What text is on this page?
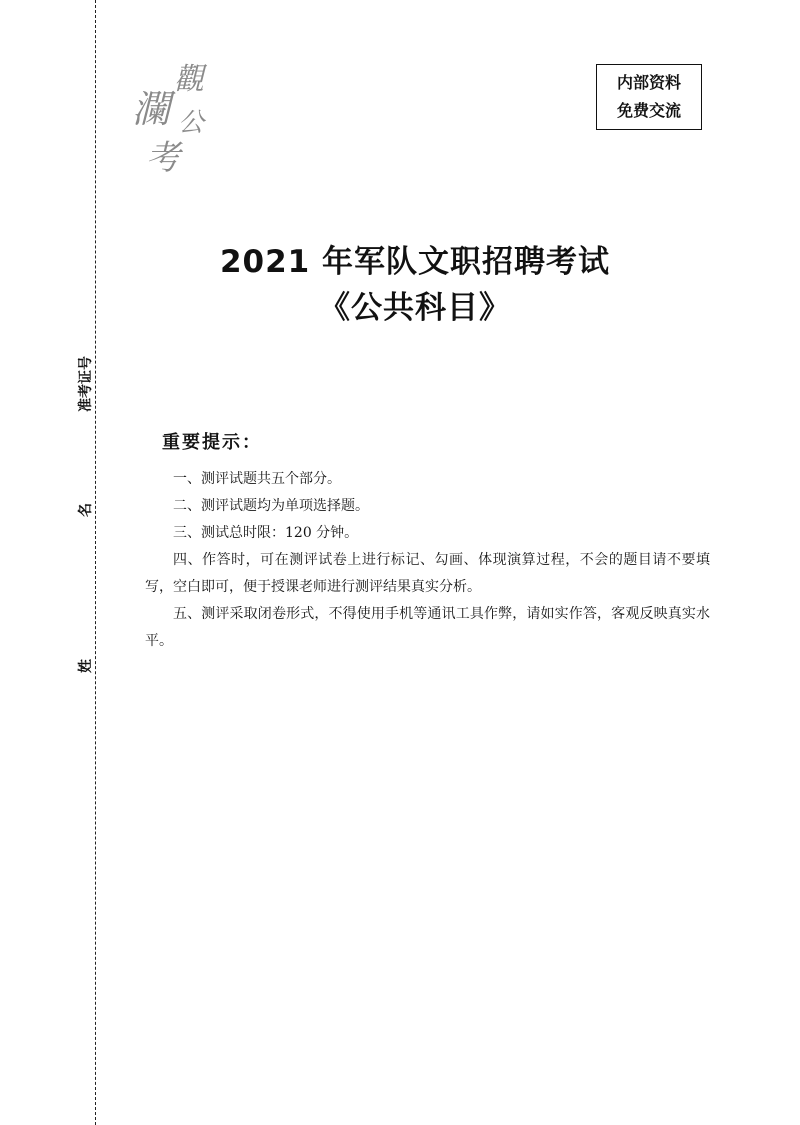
准考证号
名
姓
瀾
觀
公
考
内部资料
免费交流
2021 年军队文职招聘考试
《公共科目》
重要提示：
一、测评试题共五个部分。
二、测评试题均为单项选择题。
三、测试总时限：120 分钟。
四、作答时，可在测评试卷上进行标记、勾画、体现演算过程，不会的题目请不要填写，空白即可，便于授课老师进行测评结果真实分析。
五、测评采取闭卷形式，不得使用手机等通讯工具作弊，请如实作答，客观反映真实水平。
